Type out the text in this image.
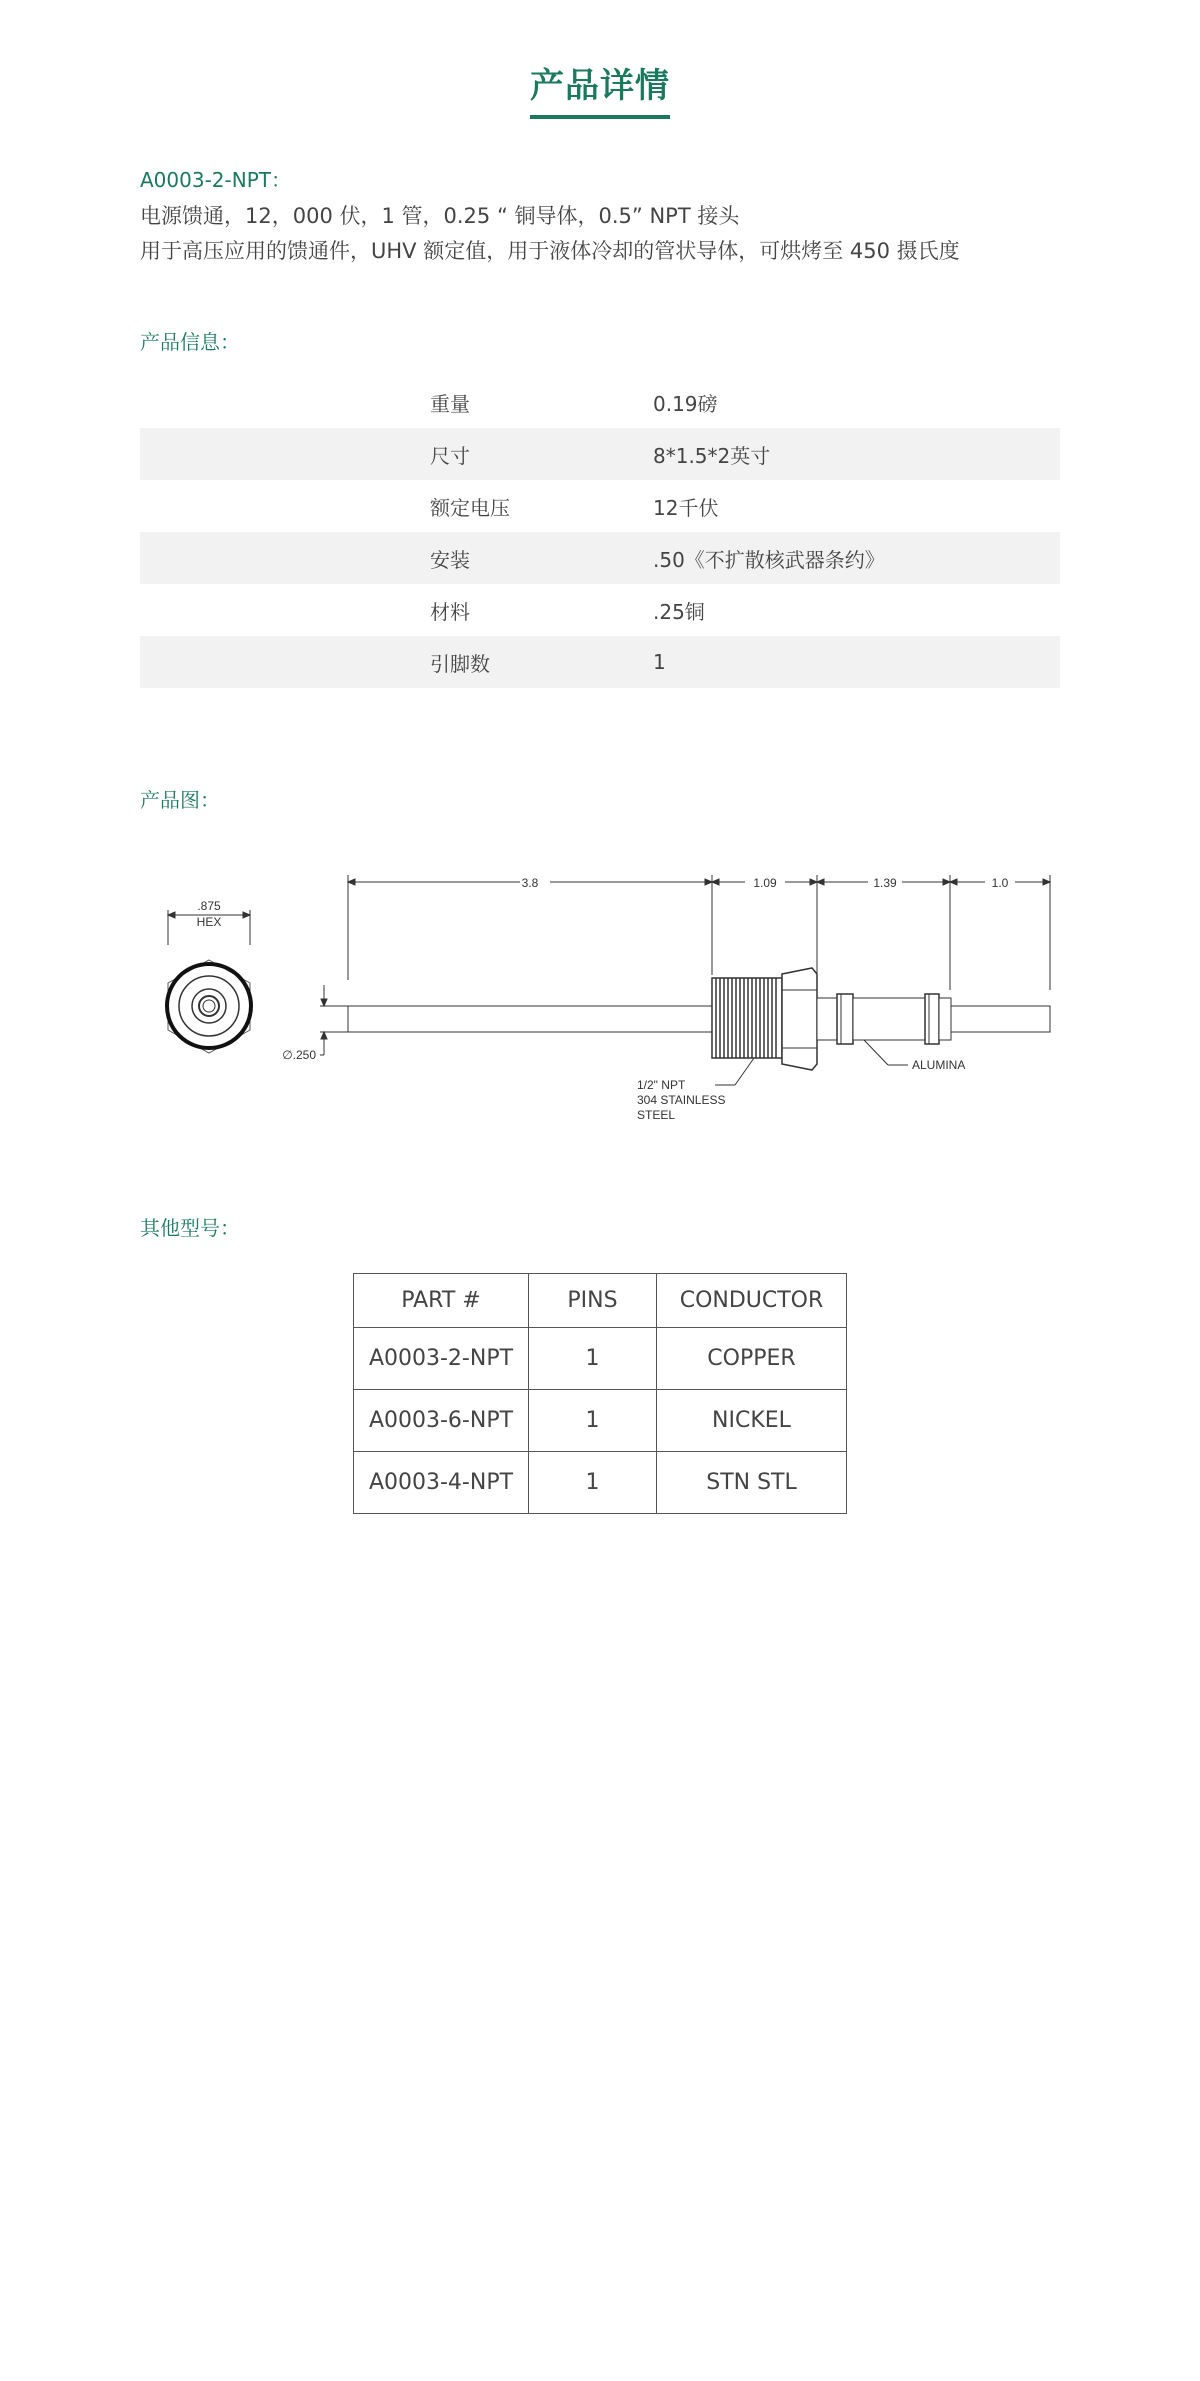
产品详情
A0003-2-NPT：
电源馈通，12，000 伏，1 管，0.25 “ 铜导体，0.5” NPT 接头
用于高压应用的馈通件，UHV 额定值，用于液体冷却的管状导体，可烘烤至 450 摄氏度
产品信息：
重量	0.19磅
尺寸	8*1.5*2英寸
额定电压	12千伏
安装	.50《不扩散核武器条约》
材料	.25铜
引脚数	1
产品图：
.875
HEX
3.8	1.09	1.39	1.0
∅.250
1/2" NPT
304 STAINLESS
STEEL
ALUMINA
其他型号：
PART #	PINS	CONDUCTOR
A0003-2-NPT	1	COPPER
A0003-6-NPT	1	NICKEL
A0003-4-NPT	1	STN STL
